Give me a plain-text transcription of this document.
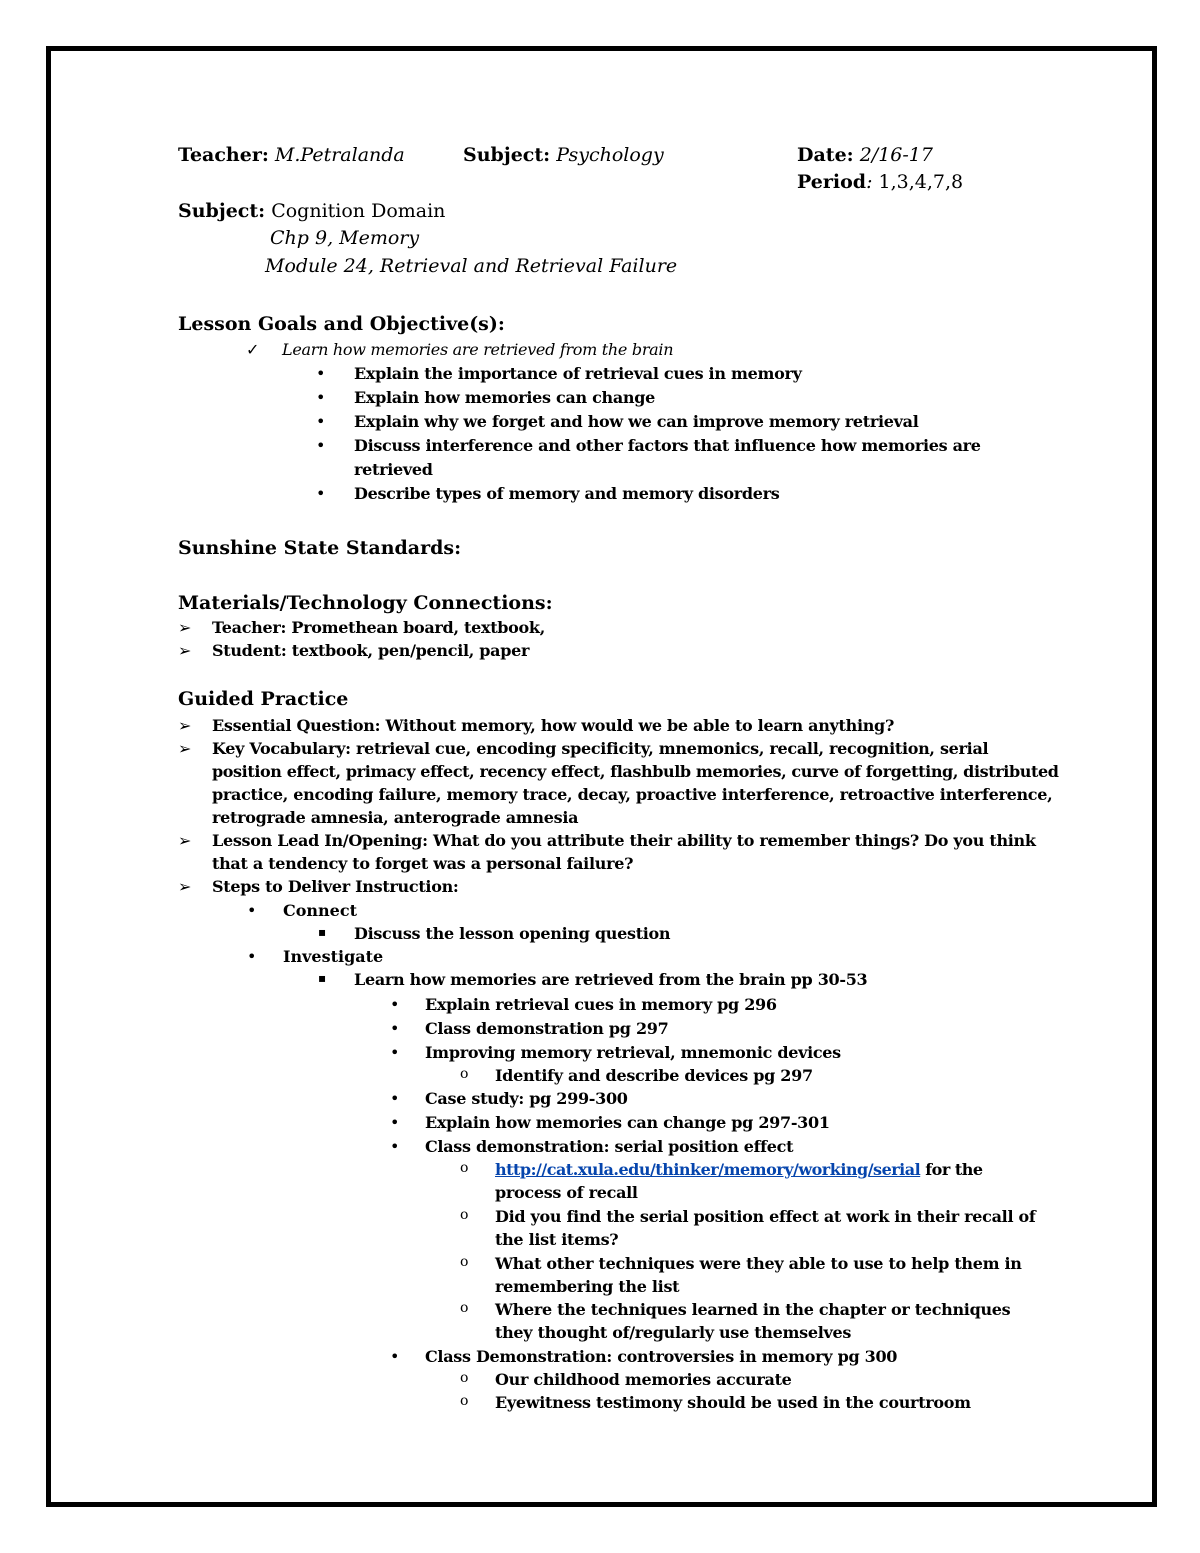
Teacher: M.Petralanda	Subject: Psychology	Date: 2/16-17
Period: 1,3,4,7,8
Subject: Cognition Domain
Chp 9, Memory
Module 24, Retrieval and Retrieval Failure
Lesson Goals and Objective(s):
✓ Learn how memories are retrieved from the brain
• Explain the importance of retrieval cues in memory
• Explain how memories can change
• Explain why we forget and how we can improve memory retrieval
• Discuss interference and other factors that influence how memories are
retrieved
• Describe types of memory and memory disorders
Sunshine State Standards:
Materials/Technology Connections:
➢ Teacher: Promethean board, textbook,
➢ Student: textbook, pen/pencil, paper
Guided Practice
➢ Essential Question: Without memory, how would we be able to learn anything?
➢ Key Vocabulary: retrieval cue, encoding specificity, mnemonics, recall, recognition, serial
position effect, primacy effect, recency effect, flashbulb memories, curve of forgetting, distributed
practice, encoding failure, memory trace, decay, proactive interference, retroactive interference,
retrograde amnesia, anterograde amnesia
➢ Lesson Lead In/Opening: What do you attribute their ability to remember things? Do you think
that a tendency to forget was a personal failure?
➢ Steps to Deliver Instruction:
• Connect
▪ Discuss the lesson opening question
• Investigate
▪ Learn how memories are retrieved from the brain pp 30-53
• Explain retrieval cues in memory pg 296
• Class demonstration pg 297
• Improving memory retrieval, mnemonic devices
o Identify and describe devices pg 297
• Case study: pg 299-300
• Explain how memories can change pg 297-301
• Class demonstration: serial position effect
o http://cat.xula.edu/thinker/memory/working/serial for the
process of recall
o Did you find the serial position effect at work in their recall of
the list items?
o What other techniques were they able to use to help them in
remembering the list
o Where the techniques learned in the chapter or techniques
they thought of/regularly use themselves
• Class Demonstration: controversies in memory pg 300
o Our childhood memories accurate
o Eyewitness testimony should be used in the courtroom
